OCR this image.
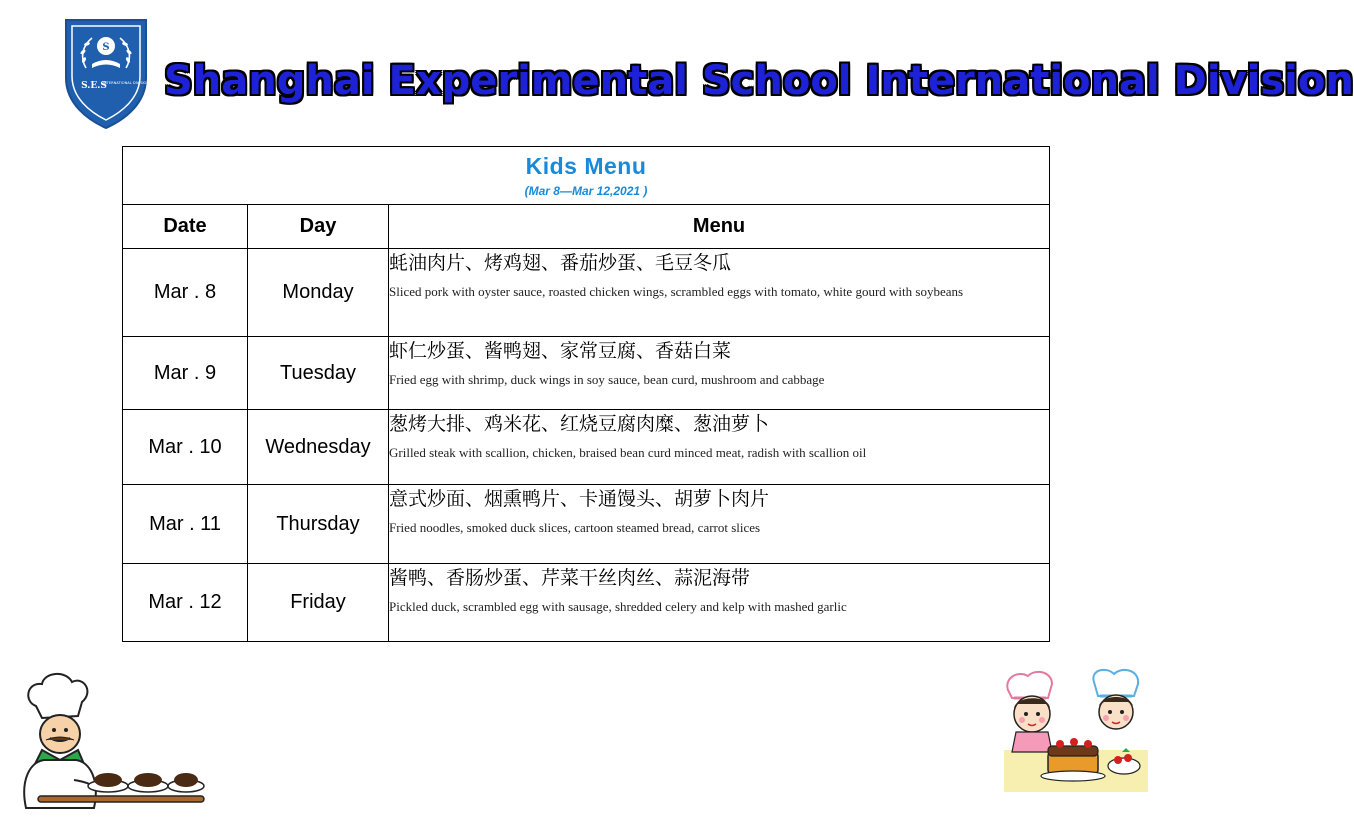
S
S.E.S
INTERNATIONAL DIVISION Shanghai Experimental School International Division
Kids Menu
(Mar 8—Mar 12,2021 )		

Date	Day	Menu
Mar . 8	Monday	蚝油肉片、烤鸡翅、番茄炒蛋、毛豆冬瓜
Sliced pork with oyster sauce, roasted chicken wings, scrambled eggs with tomato, white gourd with soybeans

Mar . 9	Tuesday	虾仁炒蛋、酱鸭翅、家常豆腐、香菇白菜
Fried egg with shrimp, duck wings in soy sauce, bean curd, mushroom and cabbage

Mar . 10	Wednesday	葱烤大排、鸡米花、红烧豆腐肉糜、葱油萝卜
Grilled steak with scallion, chicken, braised bean curd minced meat, radish with scallion oil

Mar . 11	Thursday	意式炒面、烟熏鸭片、卡通馒头、胡萝卜肉片
Fried noodles, smoked duck slices, cartoon steamed bread, carrot slices

Mar . 12	Friday	酱鸭、香肠炒蛋、芹菜干丝肉丝、蒜泥海带
Pickled duck, scrambled egg with sausage, shredded celery and kelp with mashed garlic
